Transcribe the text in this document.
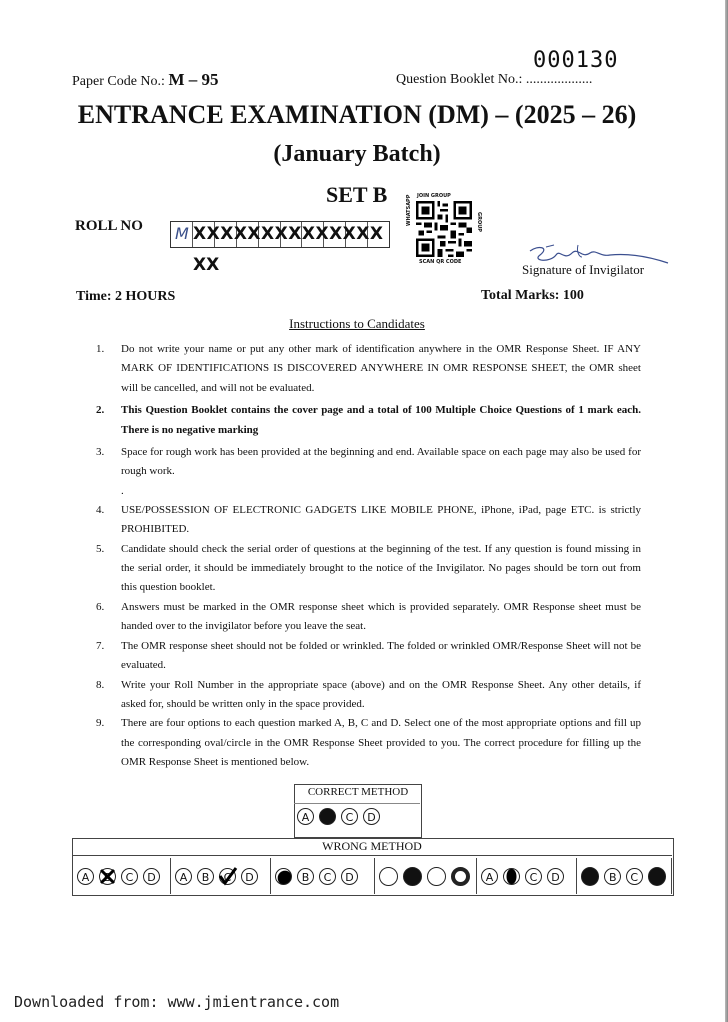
000130
Paper Code No.: M – 95	Question Booklet No.: ...................
ENTRANCE EXAMINATION (DM) – (2025 – 26)
(January Batch)
SET B
ROLL NO M XXXXXXXXXXXXXX
XX
JOIN GROUP
WHATSAPP	GROUP
SCAN QR CODE	Signature of Invigilator
Time: 2 HOURS	Total Marks: 100
Instructions to Candidates
1.	Do not write your name or put any other mark of identification anywhere in the OMR Response Sheet. IF ANY MARK OF IDENTIFICATIONS IS DISCOVERED ANYWHERE IN OMR RESPONSE SHEET, the OMR sheet will be cancelled, and will not be evaluated.
2.	This Question Booklet contains the cover page and a total of 100 Multiple Choice Questions of 1 mark each. There is no negative marking
3.	Space for rough work has been provided at the beginning and end. Available space on each page may also be used for rough work.
.
4.	USE/POSSESSION OF ELECTRONIC GADGETS LIKE MOBILE PHONE, iPhone, iPad, page ETC. is strictly PROHIBITED.
5.	Candidate should check the serial order of questions at the beginning of the test. If any question is found missing in the serial order, it should be immediately brought to the notice of the Invigilator. No pages should be torn out from this question booklet.
6.	Answers must be marked in the OMR response sheet which is provided separately. OMR Response sheet must be handed over to the invigilator before you leave the seat.
7.	The OMR response sheet should not be folded or wrinkled. The folded or wrinkled OMR/Response Sheet will not be evaluated.
8.	Write your Roll Number in the appropriate space (above) and on the OMR Response Sheet. Any other details, if asked for, should be written only in the space provided.
9.	There are four options to each question marked A, B, C and D. Select one of the most appropriate options and fill up the corresponding oval/circle in the OMR Response Sheet provided to you. The correct procedure for filling up the OMR Response Sheet is mentioned below.
CORRECT METHOD
A	C D
WRONG METHOD
A	C	D	A	B	C	D	B	C	D	A	C	D	B	C
Downloaded from: www.jmientrance.com
